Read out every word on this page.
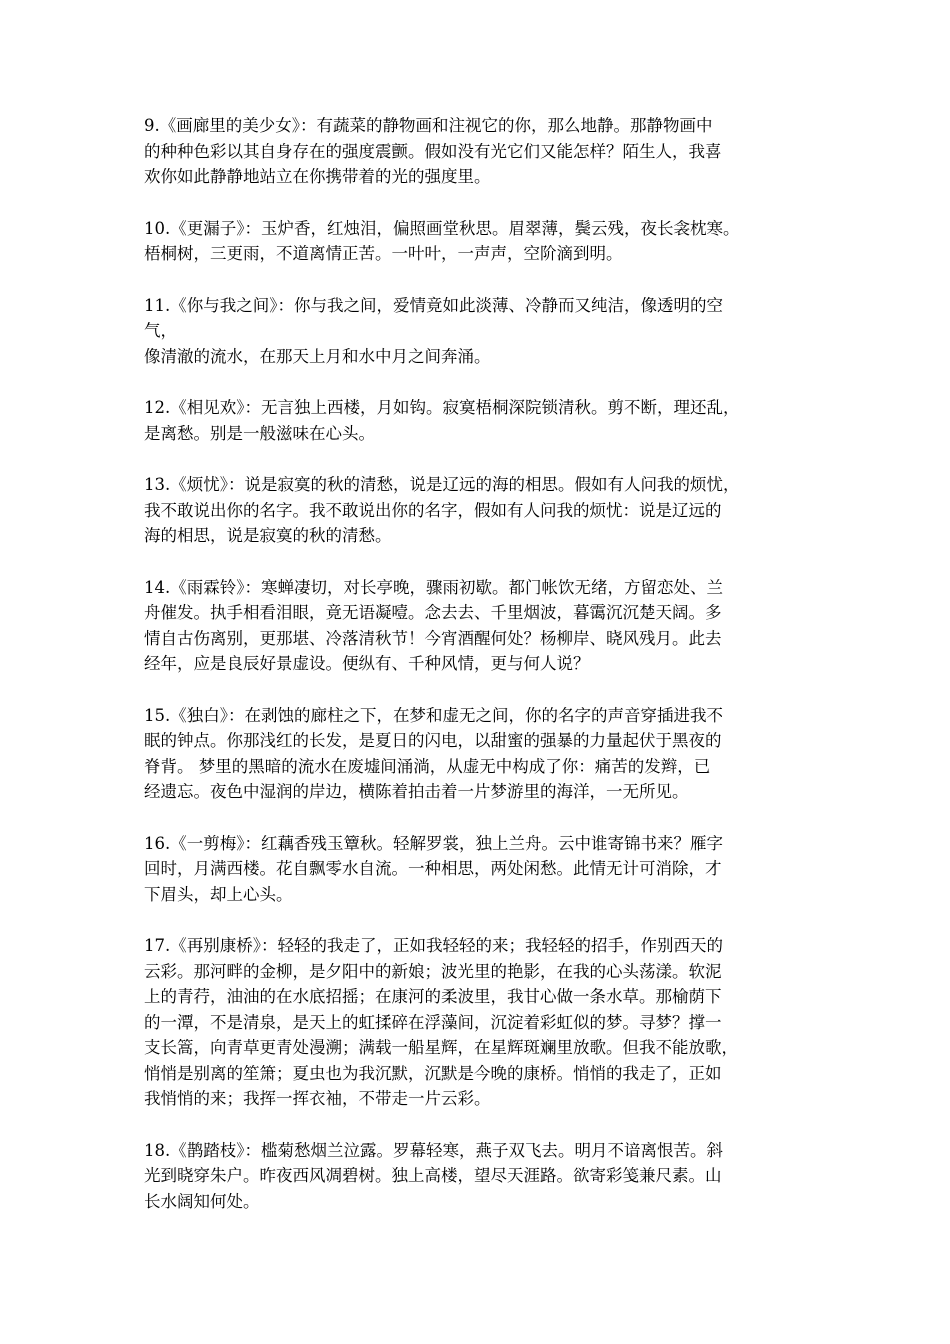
9.《画廊里的美少女》：有蔬菜的静物画和注视它的你，那么地静。那静物画中
的种种色彩以其自身存在的强度震颤。假如没有光它们又能怎样？陌生人，我喜
欢你如此静静地站立在你携带着的光的强度里。

10.《更漏子》：玉炉香，红烛泪，偏照画堂秋思。眉翠薄，鬓云残，夜长衾枕寒。
梧桐树，三更雨，不道离情正苦。一叶叶，一声声，空阶滴到明。

11.《你与我之间》：你与我之间，爱情竟如此淡薄、冷静而又纯洁，像透明的空
气，
像清澈的流水，在那天上月和水中月之间奔涌。

12.《相见欢》：无言独上西楼，月如钩。寂寞梧桐深院锁清秋。剪不断，理还乱，
是离愁。别是一般滋味在心头。

13.《烦忧》：说是寂寞的秋的清愁，说是辽远的海的相思。假如有人问我的烦忧，
我不敢说出你的名字。我不敢说出你的名字，假如有人问我的烦忧：说是辽远的
海的相思，说是寂寞的秋的清愁。

14.《雨霖铃》：寒蝉凄切，对长亭晚，骤雨初歇。都门帐饮无绪，方留恋处、兰
舟催发。执手相看泪眼，竟无语凝噎。念去去、千里烟波，暮霭沉沉楚天阔。多
情自古伤离别，更那堪、冷落清秋节！今宵酒醒何处？杨柳岸、晓风残月。此去
经年，应是良辰好景虚设。便纵有、千种风情，更与何人说？

15.《独白》：在剥蚀的廊柱之下，在梦和虚无之间，你的名字的声音穿插进我不
眠的钟点。你那浅红的长发，是夏日的闪电，以甜蜜的强暴的力量起伏于黑夜的
脊背。 梦里的黑暗的流水在废墟间涌淌，从虚无中构成了你：痛苦的发辫，已
经遗忘。夜色中湿润的岸边，横陈着拍击着一片梦游里的海洋，一无所见。

16.《一剪梅》：红藕香残玉簟秋。轻解罗裳，独上兰舟。云中谁寄锦书来？雁字
回时，月满西楼。花自飘零水自流。一种相思，两处闲愁。此情无计可消除，才
下眉头，却上心头。

17.《再别康桥》：轻轻的我走了，正如我轻轻的来；我轻轻的招手，作别西天的
云彩。那河畔的金柳，是夕阳中的新娘；波光里的艳影，在我的心头荡漾。软泥
上的青荇，油油的在水底招摇；在康河的柔波里，我甘心做一条水草。那榆荫下
的一潭，不是清泉，是天上的虹揉碎在浮藻间，沉淀着彩虹似的梦。寻梦？撑一
支长篙，向青草更青处漫溯；满载一船星辉，在星辉斑斓里放歌。但我不能放歌，
悄悄是别离的笙箫；夏虫也为我沉默，沉默是今晚的康桥。悄悄的我走了，正如
我悄悄的来；我挥一挥衣袖，不带走一片云彩。

18.《鹊踏枝》：槛菊愁烟兰泣露。罗幕轻寒，燕子双飞去。明月不谙离恨苦。斜
光到晓穿朱户。昨夜西风凋碧树。独上高楼，望尽天涯路。欲寄彩笺兼尺素。山
长水阔知何处。
